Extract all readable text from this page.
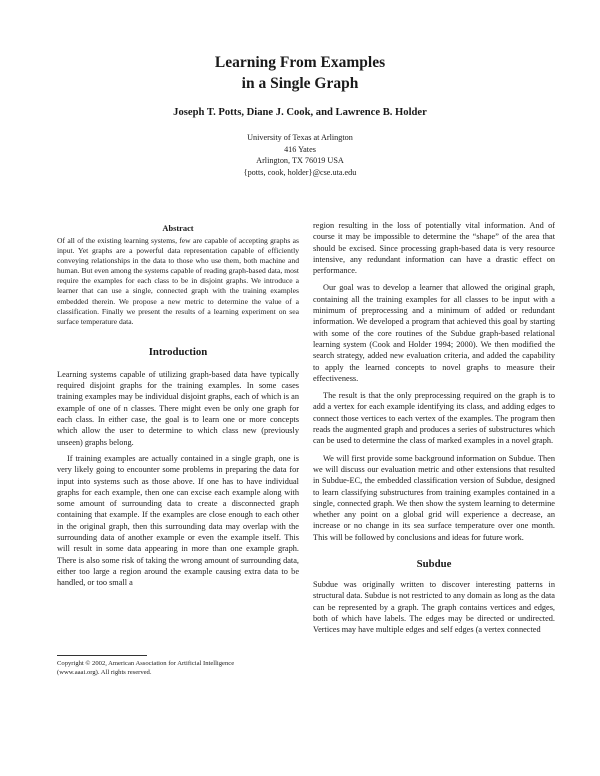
Learning From Examples
in a Single Graph
Joseph T. Potts, Diane J. Cook, and Lawrence B. Holder
University of Texas at Arlington
416 Yates
Arlington, TX 76019 USA
{potts, cook, holder}@cse.uta.edu
Abstract
Of all of the existing learning systems, few are capable of accepting graphs as input. Yet graphs are a powerful data representation capable of efficiently conveying relationships in the data to those who use them, both machine and human. But even among the systems capable of reading graph-based data, most require the examples for each class to be in disjoint graphs. We introduce a learner that can use a single, connected graph with the training examples embedded therein. We propose a new metric to determine the value of a classification. Finally we present the results of a learning experiment on sea surface temperature data.
Introduction
Learning systems capable of utilizing graph-based data have typically required disjoint graphs for the training examples. In some cases training examples may be individual disjoint graphs, each of which is an example of one of n classes. There might even be only one graph for each class. In either case, the goal is to learn one or more concepts which allow the user to determine to which class new (previously unseen) graphs belong.
If training examples are actually contained in a single graph, one is very likely going to encounter some problems in preparing the data for input into systems such as those above. If one has to have individual graphs for each example, then one can excise each example along with some amount of surrounding data to create a disconnected graph containing that example. If the examples are close enough to each other in the original graph, then this surrounding data may overlap with the surrounding data of another example or even the example itself. This will result in some data appearing in more than one example graph. There is also some risk of taking the wrong amount of surrounding data, either too large a region around the example causing extra data to be handled, or too small a
Copyright © 2002, American Association for Artificial Intelligence
(www.aaai.org). All rights reserved.
region resulting in the loss of potentially vital information. And of course it may be impossible to determine the “shape” of the area that should be excised. Since processing graph-based data is very resource intensive, any redundant information can have a drastic effect on performance.
Our goal was to develop a learner that allowed the original graph, containing all the training examples for all classes to be input with a minimum of preprocessing and a minimum of added or redundant information. We developed a program that achieved this goal by starting with some of the core routines of the Subdue graph-based relational learning system (Cook and Holder 1994; 2000). We then modified the search strategy, added new evaluation criteria, and added the capability to apply the learned concepts to novel graphs to measure their effectiveness.
The result is that the only preprocessing required on the graph is to add a vertex for each example identifying its class, and adding edges to connect those vertices to each vertex of the examples. The program then reads the augmented graph and produces a series of substructures which can be used to determine the class of marked examples in a novel graph.
We will first provide some background information on Subdue. Then we will discuss our evaluation metric and other extensions that resulted in Subdue-EC, the embedded classification version of Subdue, designed to learn classifying substructures from training examples contained in a single, connected graph. We then show the system learning to determine whether any point on a global grid will experience a decrease, an increase or no change in its sea surface temperature over one month. This will be followed by conclusions and ideas for future work.
Subdue
Subdue was originally written to discover interesting patterns in structural data. Subdue is not restricted to any domain as long as the data can be represented by a graph. The graph contains vertices and edges, both of which have labels. The edges may be directed or undirected. Vertices may have multiple edges and self edges (a vertex connected
